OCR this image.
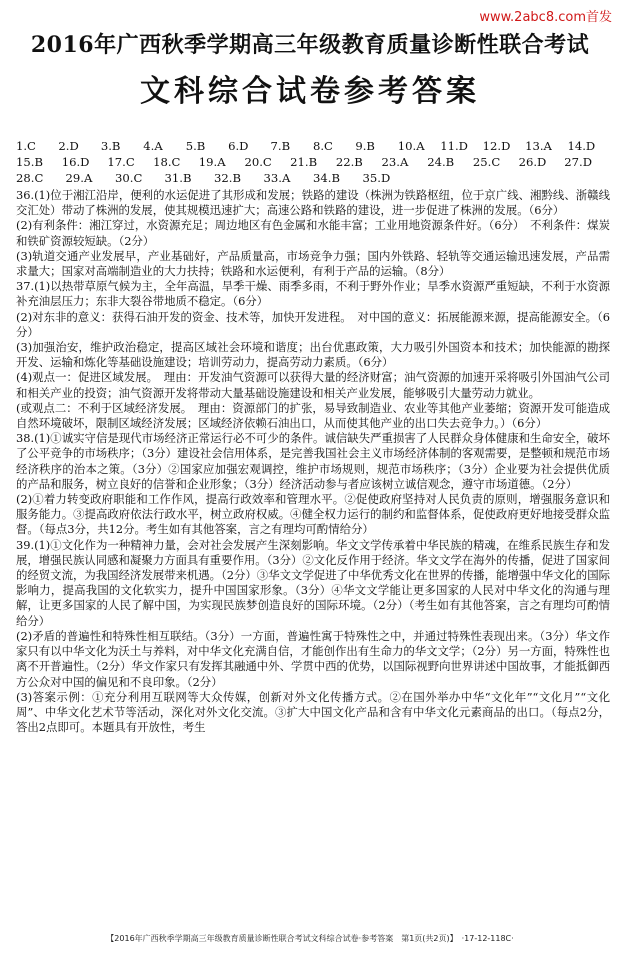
www.2abc8.com首发
2016年广西秋季学期高三年级教育质量诊断性联合考试
文科综合试卷参考答案
1.C	2.D	3.B	4.A	5.B	6.D	7.B	8.C	9.B	10.A	11.D	12.D	13.A	14.D
15.B	16.D	17.C	18.C	19.A	20.C	21.B	22.B	23.A	24.B	25.C	26.D	27.D
28.C	29.A	30.C	31.B	32.B	33.A	34.B	35.D

36.(1)位于湘江沿岸，便利的水运促进了其形成和发展；铁路的建设（株洲为铁路枢纽，位于京广线、湘黔线、浙赣线交汇处）带动了株洲的发展，使其规模迅速扩大；高速公路和铁路的建设，进一步促进了株洲的发展。（6分）

(2)有利条件：湘江穿过，水资源充足；周边地区有色金属和水能丰富；工业用地资源条件好。（6分）　不利条件：煤炭和铁矿资源较短缺。（2分）

(3)轨道交通产业发展早，产业基础好，产品质量高，市场竞争力强；国内外铁路、轻轨等交通运输迅速发展，产品需求量大；国家对高端制造业的大力扶持；铁路和水运便利，有利于产品的运输。（8分）

37.(1)以热带草原气候为主，全年高温，旱季干燥、雨季多雨，不利于野外作业；旱季水资源严重短缺，不利于水资源补充油层压力；东非大裂谷带地质不稳定。（6分）

(2)对东非的意义：获得石油开发的资金、技术等，加快开发进程。　对中国的意义：拓展能源来源，提高能源安全。（6分）

(3)加强治安，维护政治稳定，提高区域社会环境和谐度；出台优惠政策，大力吸引外国资本和技术；加快能源的勘探开发、运输和炼化等基础设施建设；培训劳动力，提高劳动力素质。（6分）

(4)观点一：促进区域发展。　理由：开发油气资源可以获得大量的经济财富；油气资源的加速开采将吸引外国油气公司和相关产业的投资；油气资源开发将带动大量基础设施建设和相关产业发展，能够吸引大量劳动力就业。

(或观点二：不利于区域经济发展。　理由：资源部门的扩张，易导致制造业、农业等其他产业萎缩；资源开发可能造成自然环境破坏，限制区域经济发展；区域经济依赖石油出口，从而使其他产业的出口失去竞争力。）（6分）

38.(1)①诚实守信是现代市场经济正常运行必不可少的条件。诚信缺失严重损害了人民群众身体健康和生命安全，破坏了公平竞争的市场秩序；（3分）建设社会信用体系，是完善我国社会主义市场经济体制的客观需要，是整顿和规范市场经济秩序的治本之策。（3分）②国家应加强宏观调控，维护市场规则，规范市场秩序；（3分）企业要为社会提供优质的产品和服务，树立良好的信誉和企业形象；（3分）经济活动参与者应该树立诚信观念，遵守市场道德。（2分）

(2)①着力转变政府职能和工作作风，提高行政效率和管理水平。②促使政府坚持对人民负责的原则，增强服务意识和服务能力。③提高政府依法行政水平，树立政府权威。④健全权力运行的制约和监督体系，促使政府更好地接受群众监督。（每点3分，共12分。考生如有其他答案，言之有理均可酌情给分）

39.(1)①文化作为一种精神力量，会对社会发展产生深刻影响。华文文学传承着中华民族的精魂，在维系民族生存和发展，增强民族认同感和凝聚力方面具有重要作用。（3分）②文化反作用于经济。华文文学在海外的传播，促进了国家间的经贸文流，为我国经济发展带来机遇。（2分）③华文文学促进了中华优秀文化在世界的传播，能增强中华文化的国际影响力，提高我国的文化软实力，提升中国国家形象。（3分）④华文文学能让更多国家的人民对中华文化的沟通与理解，让更多国家的人民了解中国，为实现民族梦创造良好的国际环境。（2分）（考生如有其他答案，言之有理均可酌情给分）

(2)矛盾的普遍性和特殊性相互联结。（3分）一方面，普遍性寓于特殊性之中，并通过特殊性表现出来。（3分）华文作家只有以中华文化为沃土与养料，对中华文化充满自信，才能创作出有生命力的华文文学；（2分）另一方面，特殊性也离不开普遍性。（2分）华文作家只有发挥其融通中外、学贯中西的优势，以国际视野向世界讲述中国故事，才能抵御西方公众对中国的偏见和不良印象。（2分）

(3)答案示例：①充分利用互联网等大众传媒，创新对外文化传播方式。②在国外举办中华“文化年”“文化月”“文化周”、中华文化艺术节等活动，深化对外文化交流。③扩大中国文化产品和含有中华文化元素商品的出口。（每点2分，答出2点即可。本题具有开放性，考生

【2016年广西秋季学期高三年级教育质量诊断性联合考试文科综合试卷·参考答案　第1页(共2页)】　·17-12-118C·
